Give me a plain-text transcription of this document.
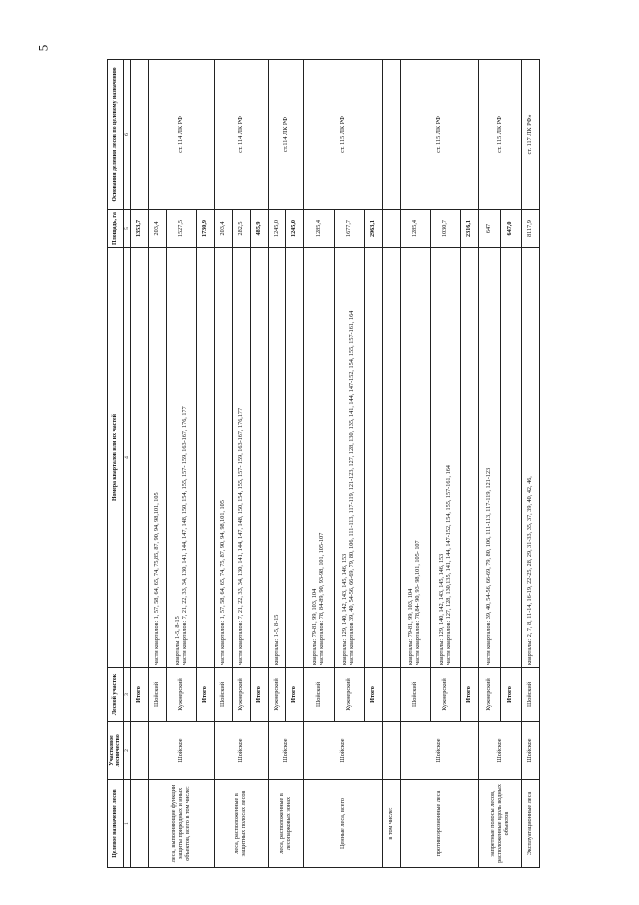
5
Целевое назначение лесов	Участковое лесничество	Лесной участок	Номера кварталов или их частей	Площадь, га	Основания деления лесов по целевому назначению
1	2	3	4	5	6
		Итого		1353,7	
леса, выполняющие функции защиты природных и иных объектов, всего в том числе:	Шойское	Шойский	части кварталов: 1, 57, 58, 64, 65, 74, 75,85, 87, 90, 94, 98,101, 105	203,4	ст. 114 ЛК РФ
		Кужнерский	кварталы 1-5, 8-15
части кварталов: 7, 21, 22, 33, 34, 130, 141, 144, 147, 148, 150, 154, 155, 157- 159, 163-167, 176, 177	1527,5	
		Итого		1730,9	
леса, расположенные в защитных полосах лесов	Шойское	Шойский	части кварталов: 1, 57, 58, 64, 65, 74, 75, 87, 90, 94, 98,101, 105	203,4	ст. 114 ЛК РФ
		Кужнерский	части кварталов: 7, 21, 22, 33, 34, 130, 141, 144, 147, 148, 150, 154, 155, 157- 159, 163-167, 176,177	282,5	
		Итого		485,9	
леса, расположенные в лесопарковых зонах	Шойское	Кужнерский	кварталы: 1-5, 8-15	1245,0	ст.114 ЛК РФ
		Итого		1245,0	
Ценные леса, всего	Шойское	Шойский	кварталы: 79-81, 99, 103, 104
части кварталов: 78, 84-89, 90, 93-98, 101, 105-107	1285,4	ст. 115 ЛК РФ
		Кужнерский	кварталы: 129, 140, 142, 143, 145, 146, 153
части кварталов 39, 40, 54-56, 66-69, 79, 80, 106, 111-113, 117-119, 121-123, 127, 128, 130, 135, 141, 144, 147-152, 154, 155, 157-161, 164	1677,7	
		Итого		2963,1	
в том числе:					
противоэрозионные леса	Шойское	Шойский	кварталы: 79-81, 99, 103, 104
части кварталов: 78,84- 90, 93- 98,101, 105- 107	1285,4	ст. 115 ЛК РФ
		Кужнерский	кварталы: 129, 140, 142, 143, 145, 146, 153
части кварталов: 127, 128, 130,135, 141, 144, 147-152, 154, 155, 157-161, 164	1030,7	
		Итого		2316,1	
запретные полосы лесов, расположенные вдоль водных объектов	Шойское	Кужнерский	части кварталов: 39, 40, 54-56, 66-69, 79, 80, 106, 111-113, 117-119, 121-123	647	ст. 115 ЛК РФ
		Итого		647,0	
Эксплуатационные леса	Шойское	Шойский	кварталы: 2, 7, 8, 11-14, 16-19, 22-25, 28, 29, 31-33, 35, 37, 39, 40, 42, 46,	8117,9	ст. 117 ЛК РФ»
